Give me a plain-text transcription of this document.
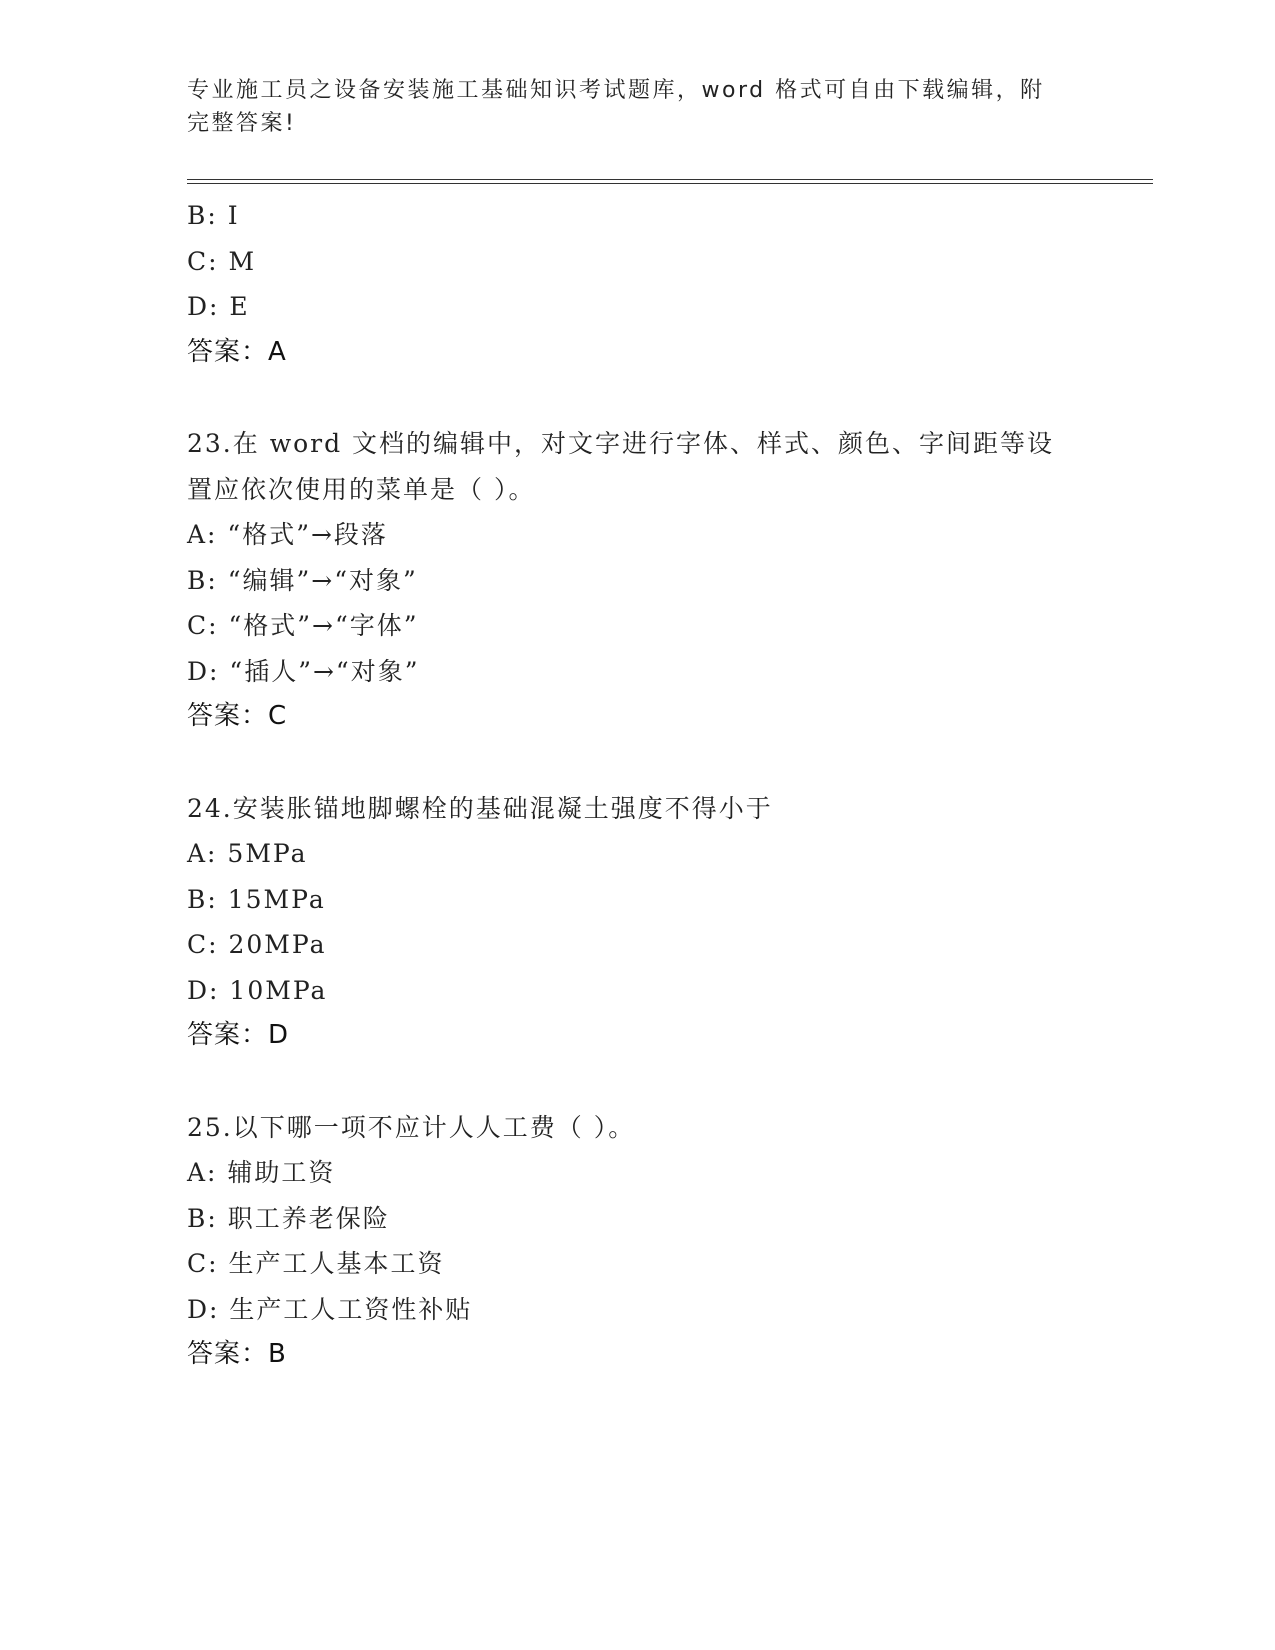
专业施工员之设备安装施工基础知识考试题库，word 格式可自由下载编辑，附完整答案!
B: I
C: M
D: E
答案：A
23.在 word 文档的编辑中，对文字进行字体、样式、颜色、字间距等设置应依次使用的菜单是（ ）。
A: “格式”→段落
B: “编辑”→“对象”
C: “格式”→“字体”
D: “插人”→“对象”
答案：C
24.安装胀锚地脚螺栓的基础混凝土强度不得小于
A: 5MPa
B: 15MPa
C: 20MPa
D: 10MPa
答案：D
25.以下哪一项不应计人人工费（ ）。
A: 辅助工资
B: 职工养老保险
C: 生产工人基本工资
D: 生产工人工资性补贴
答案：B
